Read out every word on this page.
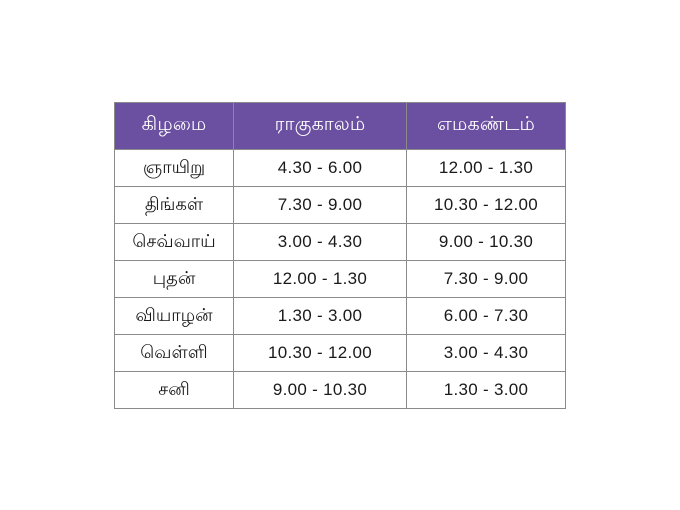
கிழமை	ராகுகாலம்	எமகண்டம்
ஞாயிறு	4.30 - 6.00	12.00 - 1.30
திங்கள்	7.30 - 9.00	10.30 - 12.00
செவ்வாய்	3.00 - 4.30	9.00 - 10.30
புதன்	12.00 - 1.30	7.30 - 9.00
வியாழன்	1.30 - 3.00	6.00 - 7.30
வெள்ளி	10.30 - 12.00	3.00 - 4.30
சனி	9.00 - 10.30	1.30 - 3.00
